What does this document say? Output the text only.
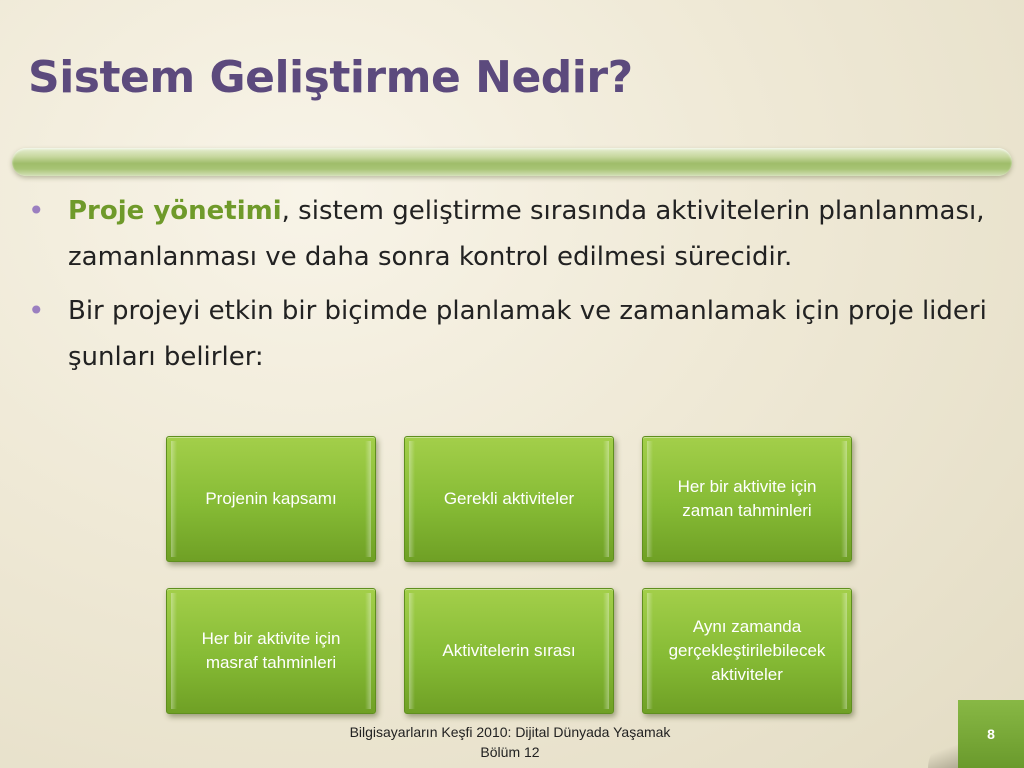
Sistem Geliştirme Nedir?
• Proje yönetimi, sistem geliştirme sırasında aktivitelerin planlanması, zamanlanması ve daha sonra kontrol edilmesi sürecidir.
• Bir projeyi etkin bir biçimde planlamak ve zamanlamak için proje lideri şunları belirler:
Projenin kapsamı	Gerekli aktiviteler
Her bir aktivite için zaman tahminleri
Her bir aktivite için masraf tahminleri
Aktivitelerin sırası
Aynı zamanda gerçekleştirilebilecek aktiviteler
Bilgisayarların Keşfi 2010: Dijital Dünyada Yaşamak
Bölüm 12
8
